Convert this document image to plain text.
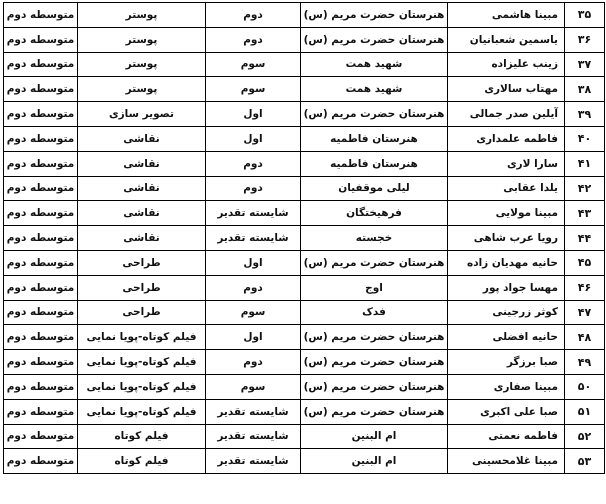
۳۵	مبینا هاشمی	هنرستان حضرت مریم (س)	دوم	پوستر	متوسطه دوم
۳۶	یاسمین شعبانیان	هنرستان حضرت مریم (س)	دوم	پوستر	متوسطه دوم
۳۷	زینب علیزاده	شهید همت	سوم	پوستر	متوسطه دوم
۳۸	مهتاب سالاری	شهید همت	سوم	پوستر	متوسطه دوم
۳۹	آیلین صدر جمالی	هنرستان حضرت مریم (س)	اول	تصویر سازی	متوسطه دوم
۴۰	فاطمه علمداری	هنرستان فاطمیه	اول	نقاشی	متوسطه دوم
۴۱	سارا لاری	هنرستان فاطمیه	دوم	نقاشی	متوسطه دوم
۴۲	یلدا عقابی	لیلی موقفیان	دوم	نقاشی	متوسطه دوم
۴۳	مبینا مولایی	فرهیختگان	شایسته تقدیر	نقاشی	متوسطه دوم
۴۴	رویا عرب شاهی	خجسته	شایسته تقدیر	نقاشی	متوسطه دوم
۴۵	حانیه مهدیان زاده	هنرستان حضرت مریم (س)	اول	طراحی	متوسطه دوم
۴۶	مهسا جواد پور	اوج	دوم	طراحی	متوسطه دوم
۴۷	کوثر زرجینی	فدک	سوم	طراحی	متوسطه دوم
۴۸	حانیه افضلی	هنرستان حضرت مریم (س)	اول	فیلم کوتاه-پویا نمایی	متوسطه دوم
۴۹	صبا برزگر	هنرستان حضرت مریم (س)	دوم	فیلم کوتاه-پویا نمایی	متوسطه دوم
۵۰	مبینا صفاری	هنرستان حضرت مریم (س)	سوم	فیلم کوتاه-پویا نمایی	متوسطه دوم
۵۱	صبا علی اکبری	هنرستان حضرت مریم (س)	شایسته تقدیر	فیلم کوتاه-پویا نمایی	متوسطه دوم
۵۲	فاطمه نعمتی	ام البنین	شایسته تقدیر	فیلم کوتاه	متوسطه دوم
۵۳	مبینا غلامحسینی	ام البنین	شایسته تقدیر	فیلم کوتاه	متوسطه دوم
